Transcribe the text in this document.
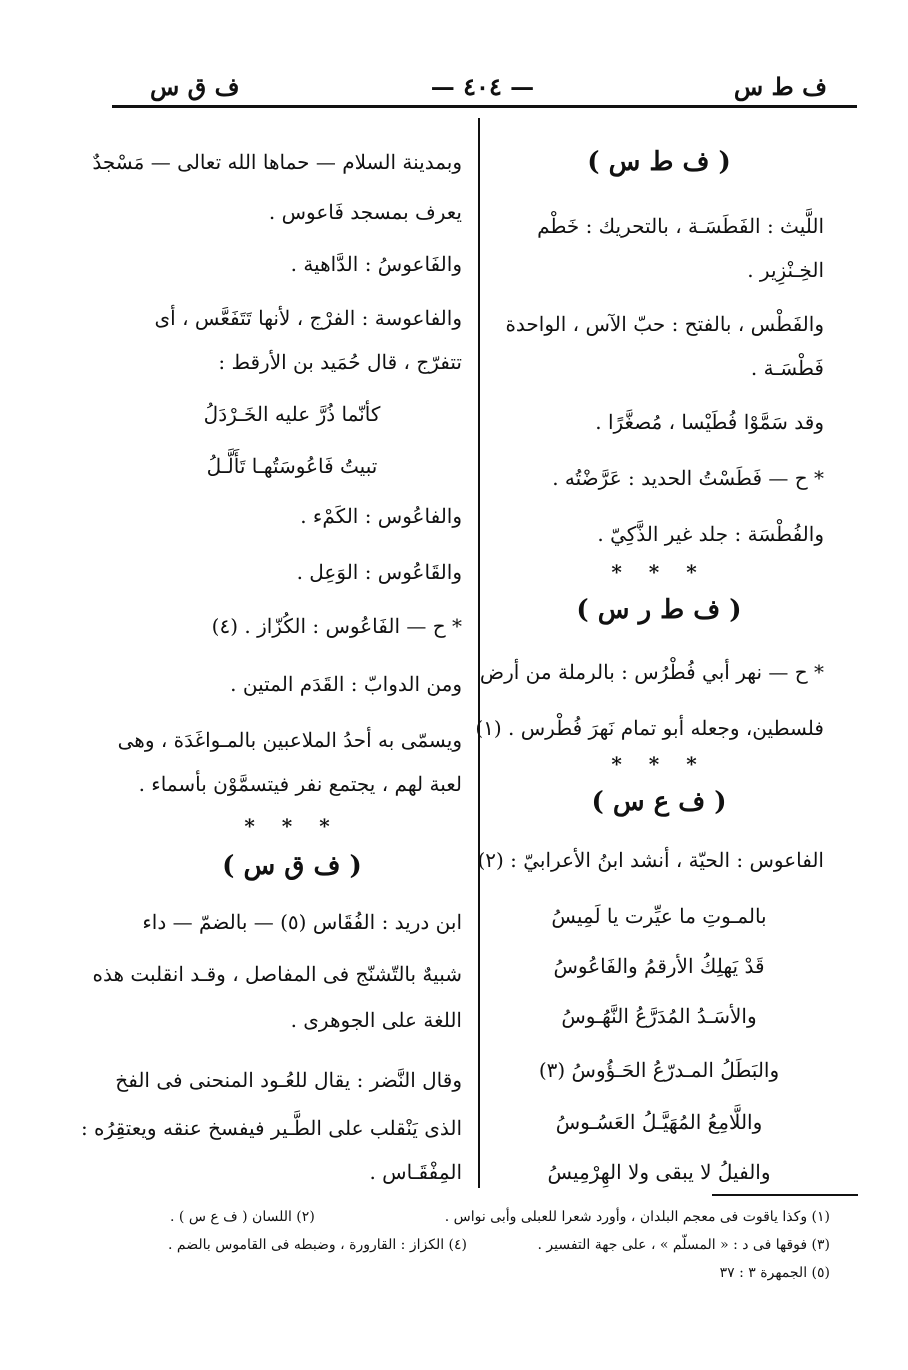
ف ط س
— ٤٠٤ —
ف ق س
( ف ط س )
اللَّيث : الفَطَسَـة ، بالتحريك : خَطْم
الخِـنْزِير .
والفَطْس ، بالفتح : حبّ الآس ، الواحدة
فَطْسَـة .
وقد سَمَّوْا فُطَيْسا ، مُصغَّرًا .
* ح — فَطَسْتُ الحديد : عَرَّضْتُه .
والفُطْسَة : جلد غير الذَّكِيّ .
* * *
( ف ط ر س )
* ح — نهر أبي فُطْرُس : بالرملة من أرض
فلسطين، وجعله أبو تمام نَهرَ فُطْرس . (١)
* * *
( ف ع س )
الفاعوس : الحيّة ، أنشد ابنُ الأعرابيّ : (٢)
بالمـوتِ ما عيِّرت يا لَمِيسُ
قَدْ يَهلِكُ الأرقمُ والفَاعُوسُ
والأسَـدُ المُدَرَّعُ النَّهُـوسُ
والبَطَلُ المـدرّعُ الحَـؤُوسُ (٣)
واللَّامِعُ المُهَيَّـلُ العَسُـوسُ
والفيلُ لا يبقى ولا الهِرْمِيسُ
وبمدينة السلام — حماها الله تعالى — مَسْجدٌ
يعرف بمسجد فَاعوس .
والفَاعوسُ : الدَّاهية .
والفاعوسة : الفرْج ، لأنها تَتَفَعَّس ، أى
تتفرّج ، قال حُمَيد بن الأرقط :
كأنّما ذُرَّ عليه الخَـرْدَلُ
تبيتُ فَاعُوسَتُهـا تَأَلَّـلُ
والفاعُوس : الكَمْء .
والقَاعُوس : الوَعِل .
* ح — الفَاعُوس : الكُزّاز . (٤)
ومن الدوابّ : القَدَم المتين .
ويسمّى به أحدُ الملاعبين بالمـواغَدَة ، وهى
لعبة لهم ، يجتمع نفر فيتسمَّوْن بأسماء .
* * *
( ف ق س )
ابن دريد : الفُقَاس (٥) — بالضمّ — داء
شبيهٌ بالتّشنّج فى المفاصل ، وقـد انقلبت هذه
اللغة على الجوهرى .
وقال النَّضر : يقال للعُـود المنحنى فى الفخ
الذى يَنْقلب على الطَّـير فيفسخ عنقه ويعتقِرُه :
المِفْقَـاس .
(١) وكذا ياقوت فى معجم البلدان ، وأورد شعرا للعبلى وأبى نواس .
(٢) اللسان ( ف ع س ) .
(٣) فوقها فى د : « المسلّم » ، على جهة التفسير .
(٤) الكزاز : القارورة ، وضبطه فى القاموس بالضم .
(٥) الجمهرة ٣ : ٣٧
